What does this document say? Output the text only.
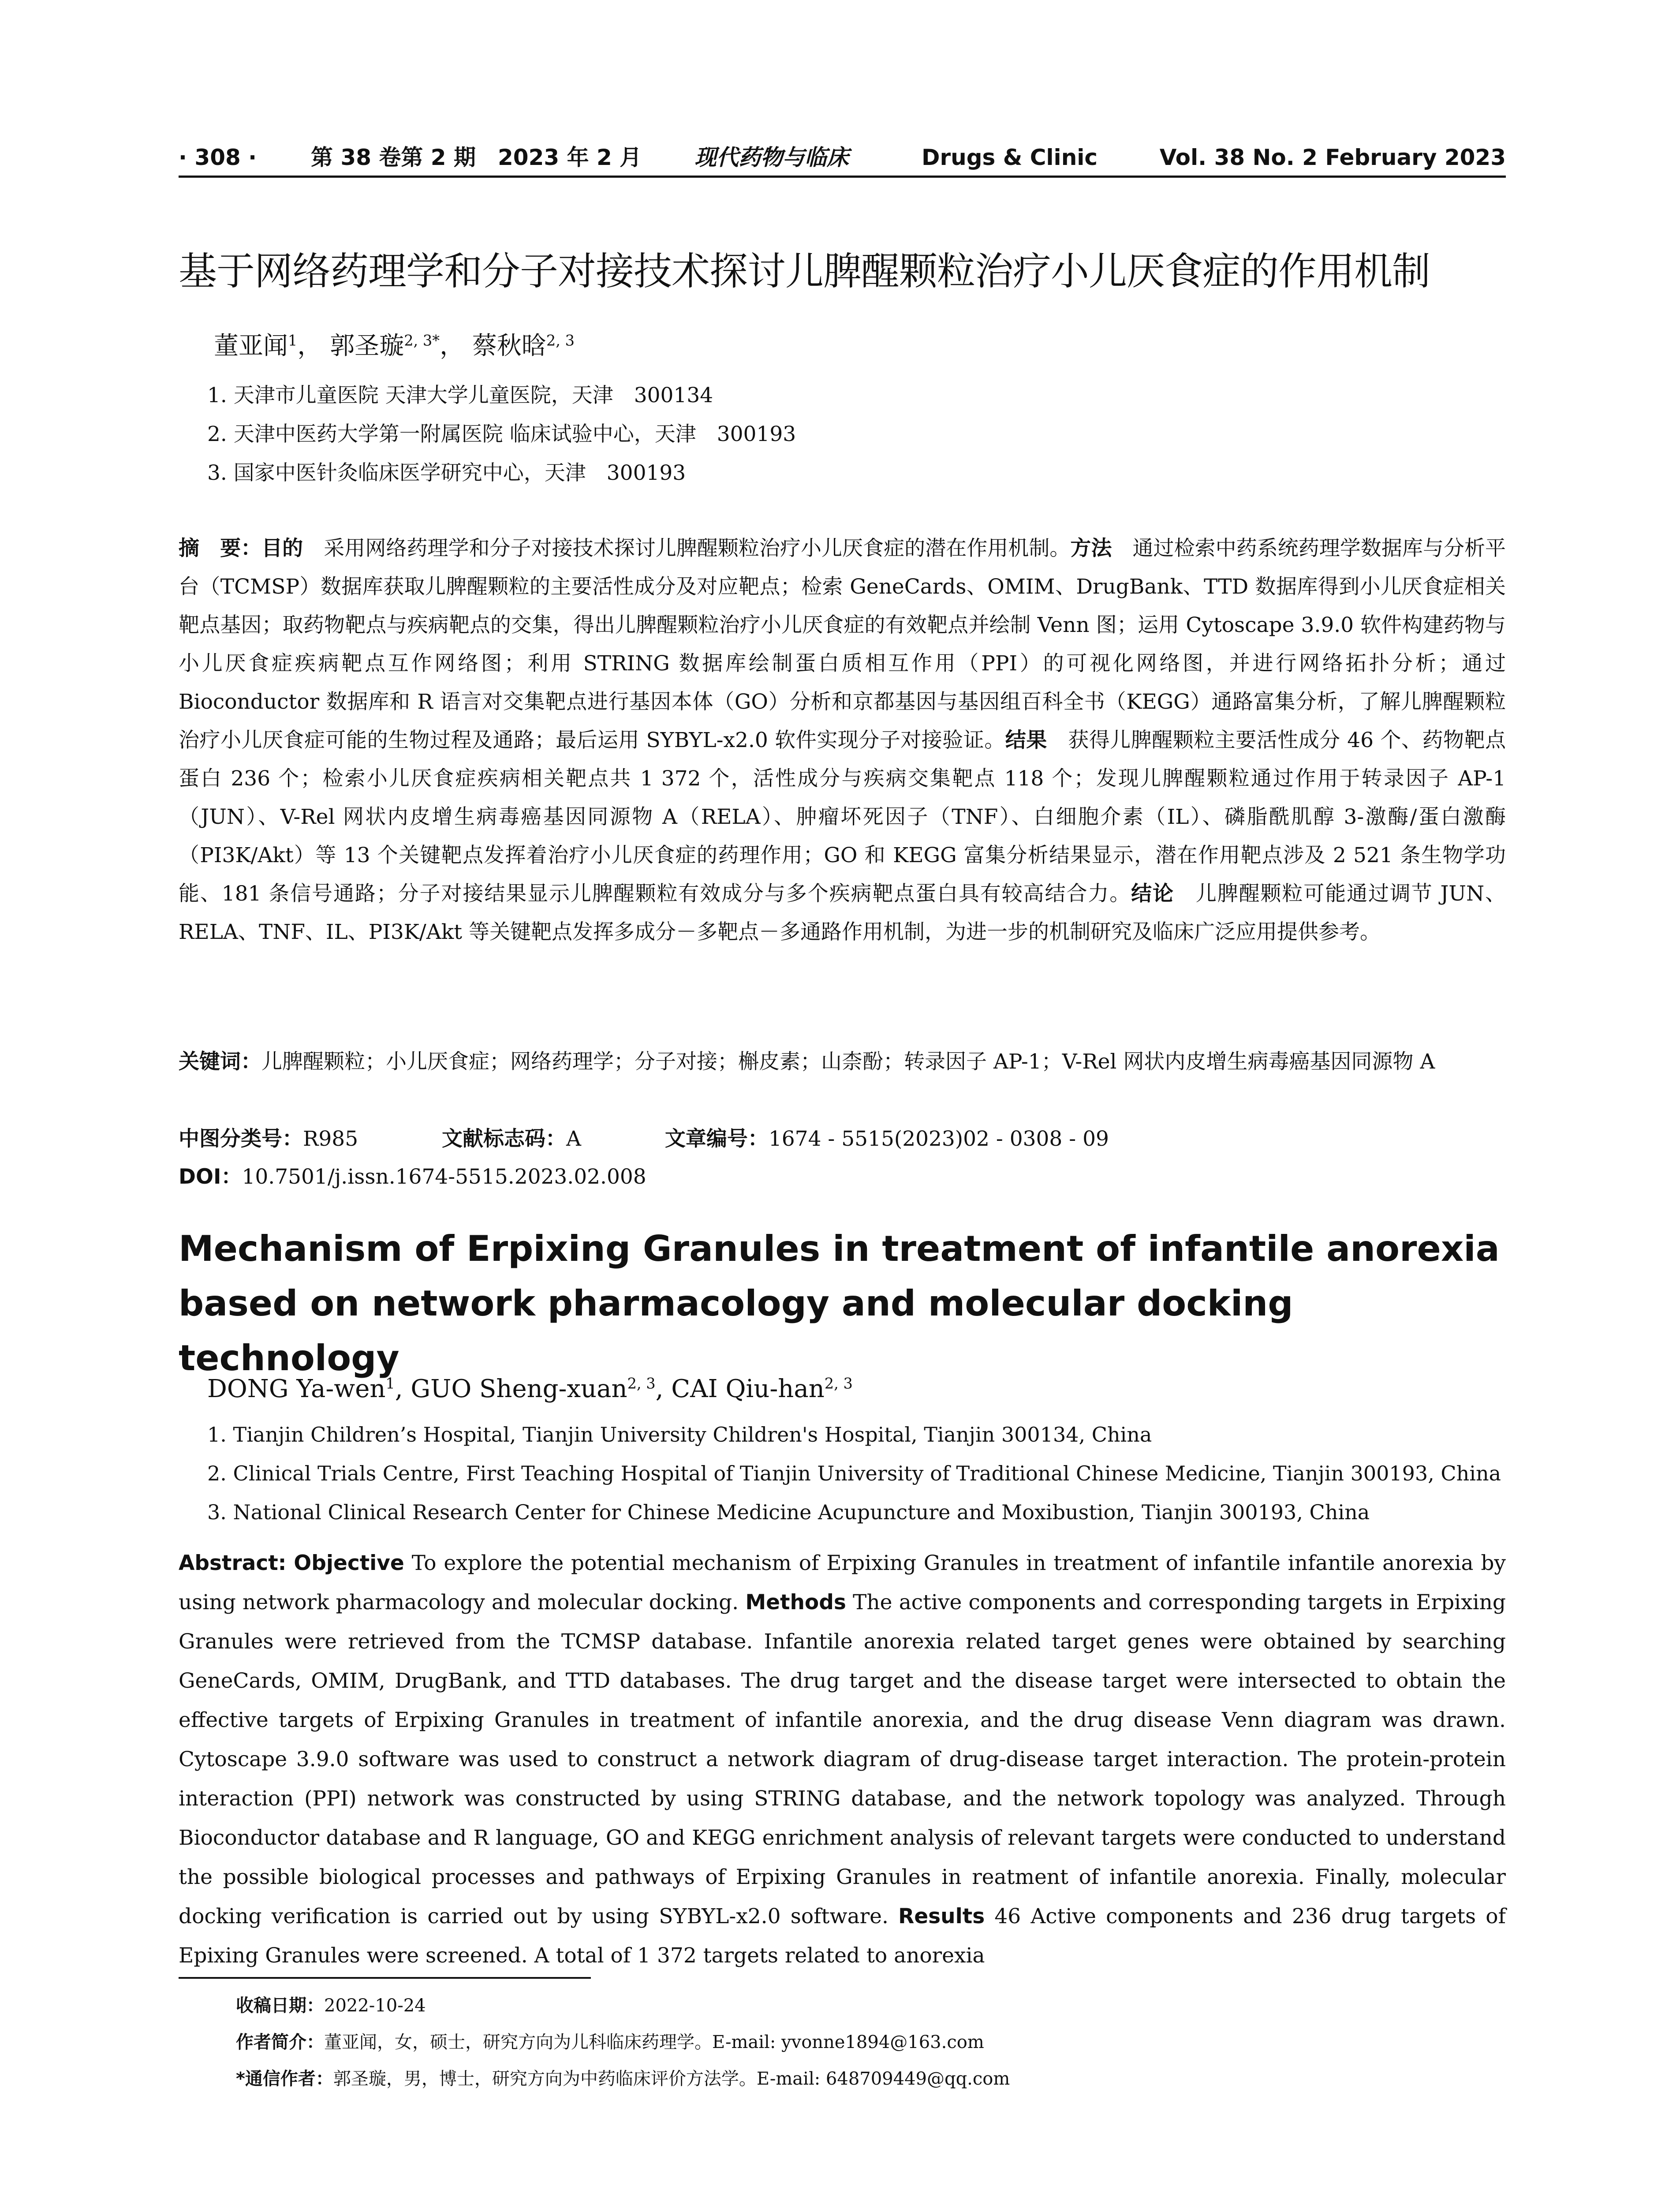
· 308 · 第 38 卷第 2 期　2023 年 2 月 现代药物与临床	Drugs & Clinic	Vol. 38 No. 2 February 2023
基于网络药理学和分子对接技术探讨儿脾醒颗粒治疗小儿厌食症的作用机制
董亚闻$^1$， 郭圣璇$^{2, 3*}$， 蔡秋晗$^{2, 3}$
1. 天津市儿童医院 天津大学儿童医院，天津　300134
2. 天津中医药大学第一附属医院 临床试验中心，天津　300193
3. 国家中医针灸临床医学研究中心，天津　300193
摘　要：目的　采用网络药理学和分子对接技术探讨儿脾醒颗粒治疗小儿厌食症的潜在作用机制。方法　通过检索中药系统药理学数据库与分析平台（TCMSP）数据库获取儿脾醒颗粒的主要活性成分及对应靶点；检索 GeneCards、OMIM、DrugBank、TTD 数据库得到小儿厌食症相关靶点基因；取药物靶点与疾病靶点的交集，得出儿脾醒颗粒治疗小儿厌食症的有效靶点并绘制 Venn 图；运用 Cytoscape 3.9.0 软件构建药物与小儿厌食症疾病靶点互作网络图；利用 STRING 数据库绘制蛋白质相互作用（PPI）的可视化网络图，并进行网络拓扑分析；通过 Bioconductor 数据库和 R 语言对交集靶点进行基因本体（GO）分析和京都基因与基因组百科全书（KEGG）通路富集分析，了解儿脾醒颗粒治疗小儿厌食症可能的生物过程及通路；最后运用 SYBYL-x2.0 软件实现分子对接验证。结果　获得儿脾醒颗粒主要活性成分 46 个、药物靶点蛋白 236 个；检索小儿厌食症疾病相关靶点共 1 372 个，活性成分与疾病交集靶点 118 个；发现儿脾醒颗粒通过作用于转录因子 AP-1（JUN）、V-Rel 网状内皮增生病毒癌基因同源物 A（RELA）、肿瘤坏死因子（TNF）、白细胞介素（IL）、磷脂酰肌醇 3-激酶/蛋白激酶（PI3K/Akt）等 13 个关键靶点发挥着治疗小儿厌食症的药理作用；GO 和 KEGG 富集分析结果显示，潜在作用靶点涉及 2 521 条生物学功能、181 条信号通路；分子对接结果显示儿脾醒颗粒有效成分与多个疾病靶点蛋白具有较高结合力。结论　儿脾醒颗粒可能通过调节 JUN、RELA、TNF、IL、PI3K/Akt 等关键靶点发挥多成分－多靶点－多通路作用机制，为进一步的机制研究及临床广泛应用提供参考。
关键词：儿脾醒颗粒；小儿厌食症；网络药理学；分子对接；槲皮素；山柰酚；转录因子 AP-1；V-Rel 网状内皮增生病毒癌基因同源物 A
中图分类号：R985	文献标志码：A	文章编号：1674 - 5515(2023)02 - 0308 - 09
DOI：10.7501/j.issn.1674-5515.2023.02.008
Mechanism of Erpixing Granules in treatment of infantile anorexia based on network pharmacology and molecular docking technology
DONG Ya-wen$^1$, GUO Sheng-xuan$^{2, 3}$, CAI Qiu-han$^{2, 3}$
1. Tianjin Children’s Hospital, Tianjin University Children's Hospital, Tianjin 300134, China
2. Clinical Trials Centre, First Teaching Hospital of Tianjin University of Traditional Chinese Medicine, Tianjin 300193, China
3. National Clinical Research Center for Chinese Medicine Acupuncture and Moxibustion, Tianjin 300193, China
Abstract: Objective To explore the potential mechanism of Erpixing Granules in treatment of infantile infantile anorexia by using network pharmacology and molecular docking. Methods The active components and corresponding targets in Erpixing Granules were retrieved from the TCMSP database. Infantile anorexia related target genes were obtained by searching GeneCards, OMIM, DrugBank, and TTD databases. The drug target and the disease target were intersected to obtain the effective targets of Erpixing Granules in treatment of infantile anorexia, and the drug disease Venn diagram was drawn. Cytoscape 3.9.0 software was used to construct a network diagram of drug-disease target interaction. The protein-protein interaction (PPI) network was constructed by using STRING database, and the network topology was analyzed. Through Bioconductor database and R language, GO and KEGG enrichment analysis of relevant targets were conducted to understand the possible biological processes and pathways of Erpixing Granules in reatment of infantile anorexia. Finally, molecular docking verification is carried out by using SYBYL-x2.0 software. Results 46 Active components and 236 drug targets of Epixing Granules were screened. A total of 1 372 targets related to anorexia
收稿日期：2022-10-24
作者简介：董亚闻，女，硕士，研究方向为儿科临床药理学。E-mail: yvonne1894@163.com
*通信作者：郭圣璇，男，博士，研究方向为中药临床评价方法学。E-mail: 648709449@qq.com
